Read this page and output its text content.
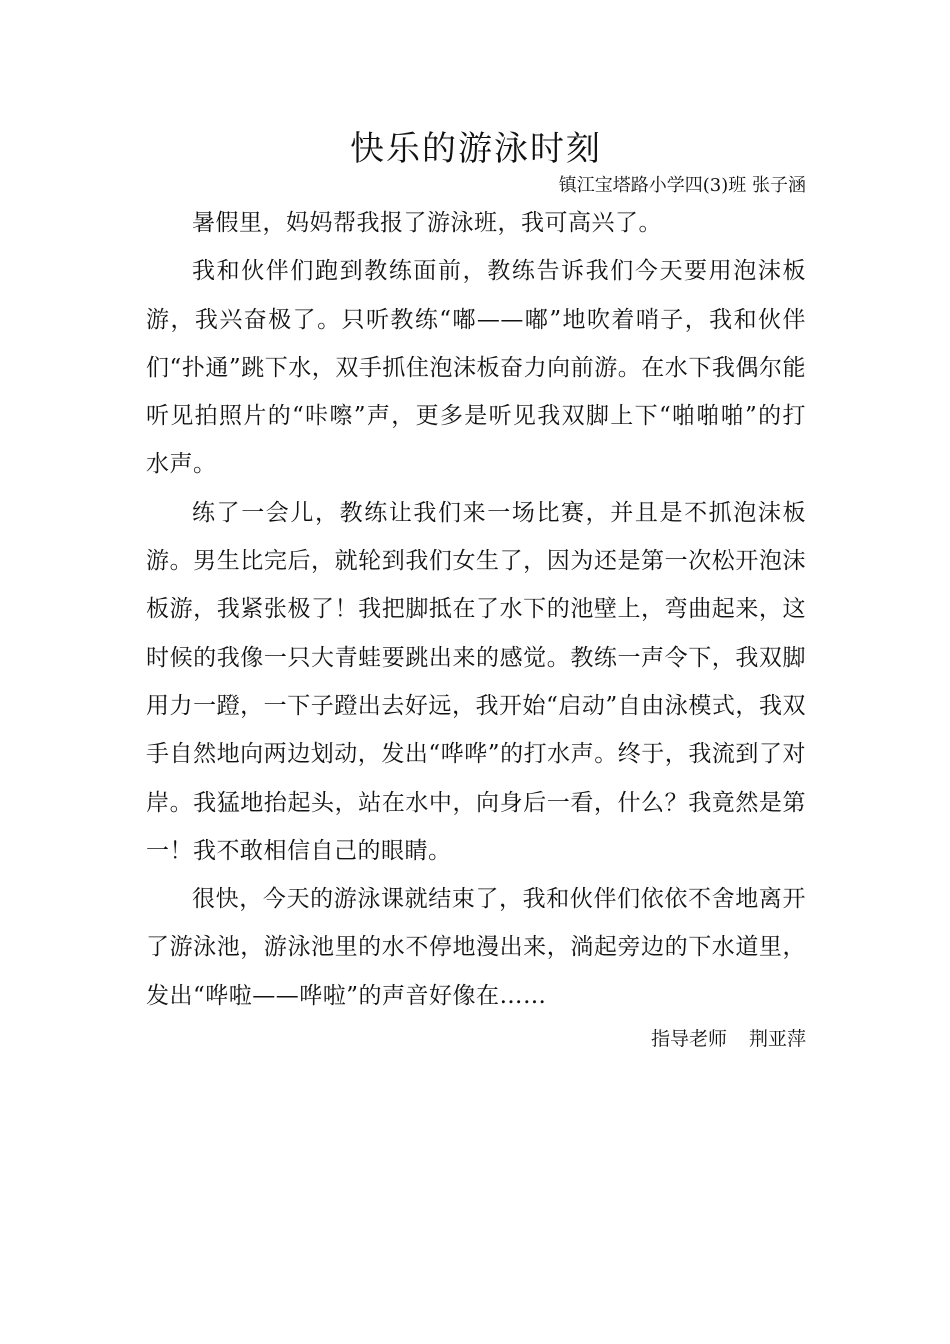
快乐的游泳时刻

镇江宝塔路小学四(3)班 张子涵

暑假里，妈妈帮我报了游泳班，我可高兴了。

我和伙伴们跑到教练面前，教练告诉我们今天要用泡沫板游，我兴奋极了。只听教练“嘟——嘟”地吹着哨子，我和伙伴们“扑通”跳下水，双手抓住泡沫板奋力向前游。在水下我偶尔能听见拍照片的“咔嚓”声，更多是听见我双脚上下“啪啪啪”的打水声。

练了一会儿，教练让我们来一场比赛，并且是不抓泡沫板游。男生比完后，就轮到我们女生了，因为还是第一次松开泡沫板游，我紧张极了！我把脚抵在了水下的池壁上，弯曲起来，这时候的我像一只大青蛙要跳出来的感觉。教练一声令下，我双脚用力一蹬，一下子蹬出去好远，我开始“启动”自由泳模式，我双手自然地向两边划动，发出“哗哗”的打水声。终于，我流到了对岸。我猛地抬起头，站在水中，向身后一看，什么？我竟然是第一！我不敢相信自己的眼睛。

很快，今天的游泳课就结束了，我和伙伴们依依不舍地离开了游泳池，游泳池里的水不停地漫出来，淌起旁边的下水道里，发出“哗啦——哗啦”的声音好像在……

指导老师 荆亚萍
